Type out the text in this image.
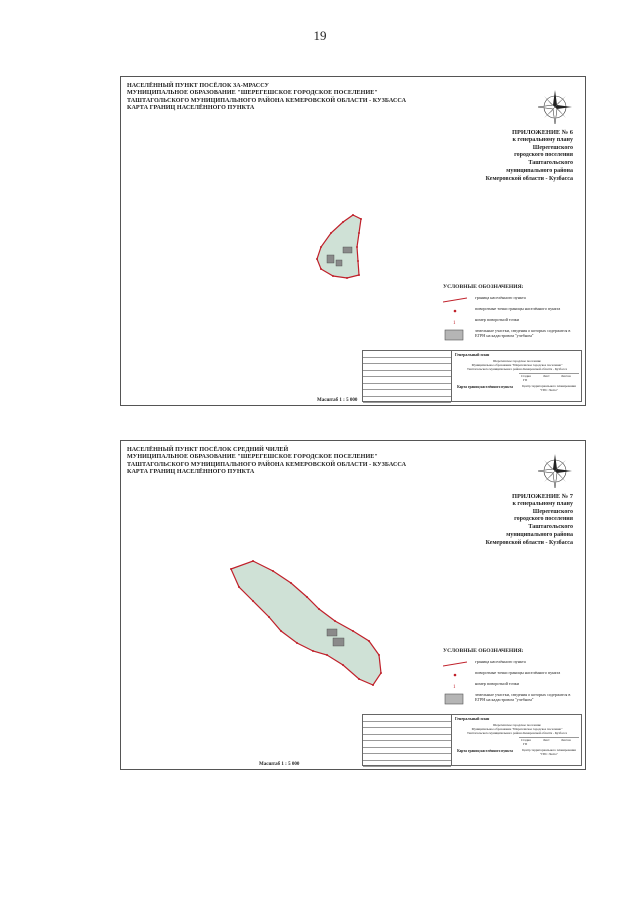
19
НАСЕЛЁННЫЙ ПУНКТ ПОСЁЛОК ЗА-МРАССУ
МУНИЦИПАЛЬНОЕ ОБРАЗОВАНИЕ "ШЕРЕГЕШСКОЕ ГОРОДСКОЕ ПОСЕЛЕНИЕ"
ТАШТАГОЛЬСКОГО МУНИЦИПАЛЬНОГО РАЙОНА КЕМЕРОВСКОЙ ОБЛАСТИ - КУЗБАССА
КАРТА ГРАНИЦ НАСЕЛЁННОГО ПУНКТА
ПРИЛОЖЕНИЕ № 6
к генеральному плану
Шерегешского
городского поселения
Таштагольского
муниципального района
Кемеровской области - Кузбасса
УСЛОВНЫЕ ОБОЗНАЧЕНИЯ:
граница населённого пункта
поворотные точки границы населённого пункта
1
номер поворотной точки
земельные участки, сведения о которых содержатся в ЕГРН на кадастровом "учебном"
Генеральный план
Шерегешское городское поселение
Муниципальное образование "Шерегешское городское поселение"
Таштагольского муниципального района Кемеровской области - Кузбасса
Стадия	Лист	Листов
ГП
Карта границ населённого пункта	Центр территориального планирования "ГИС Экспо"
Масштаб 1 : 5 000
НАСЕЛЁННЫЙ ПУНКТ ПОСЁЛОК СРЕДНИЙ ЧИЛЕЙ
МУНИЦИПАЛЬНОЕ ОБРАЗОВАНИЕ "ШЕРЕГЕШСКОЕ ГОРОДСКОЕ ПОСЕЛЕНИЕ"
ТАШТАГОЛЬСКОГО МУНИЦИПАЛЬНОГО РАЙОНА КЕМЕРОВСКОЙ ОБЛАСТИ - КУЗБАССА
КАРТА ГРАНИЦ НАСЕЛЁННОГО ПУНКТА
ПРИЛОЖЕНИЕ № 7
к генеральному плану
Шерегешского
городского поселения
Таштагольского
муниципального района
Кемеровской области - Кузбасса
УСЛОВНЫЕ ОБОЗНАЧЕНИЯ:
граница населённого пункта
поворотные точки границы населённого пункта
1
номер поворотной точки
земельные участки, сведения о которых содержатся в ЕГРН на кадастровом "учебном"
Генеральный план
Шерегешское городское поселение
Муниципальное образование "Шерегешское городское поселение"
Таштагольского муниципального района Кемеровской области - Кузбасса
Стадия	Лист	Листов
ГП
Карта границ населённого пункта	Центр территориального планирования "ГИС Экспо"
Масштаб 1 : 5 000
